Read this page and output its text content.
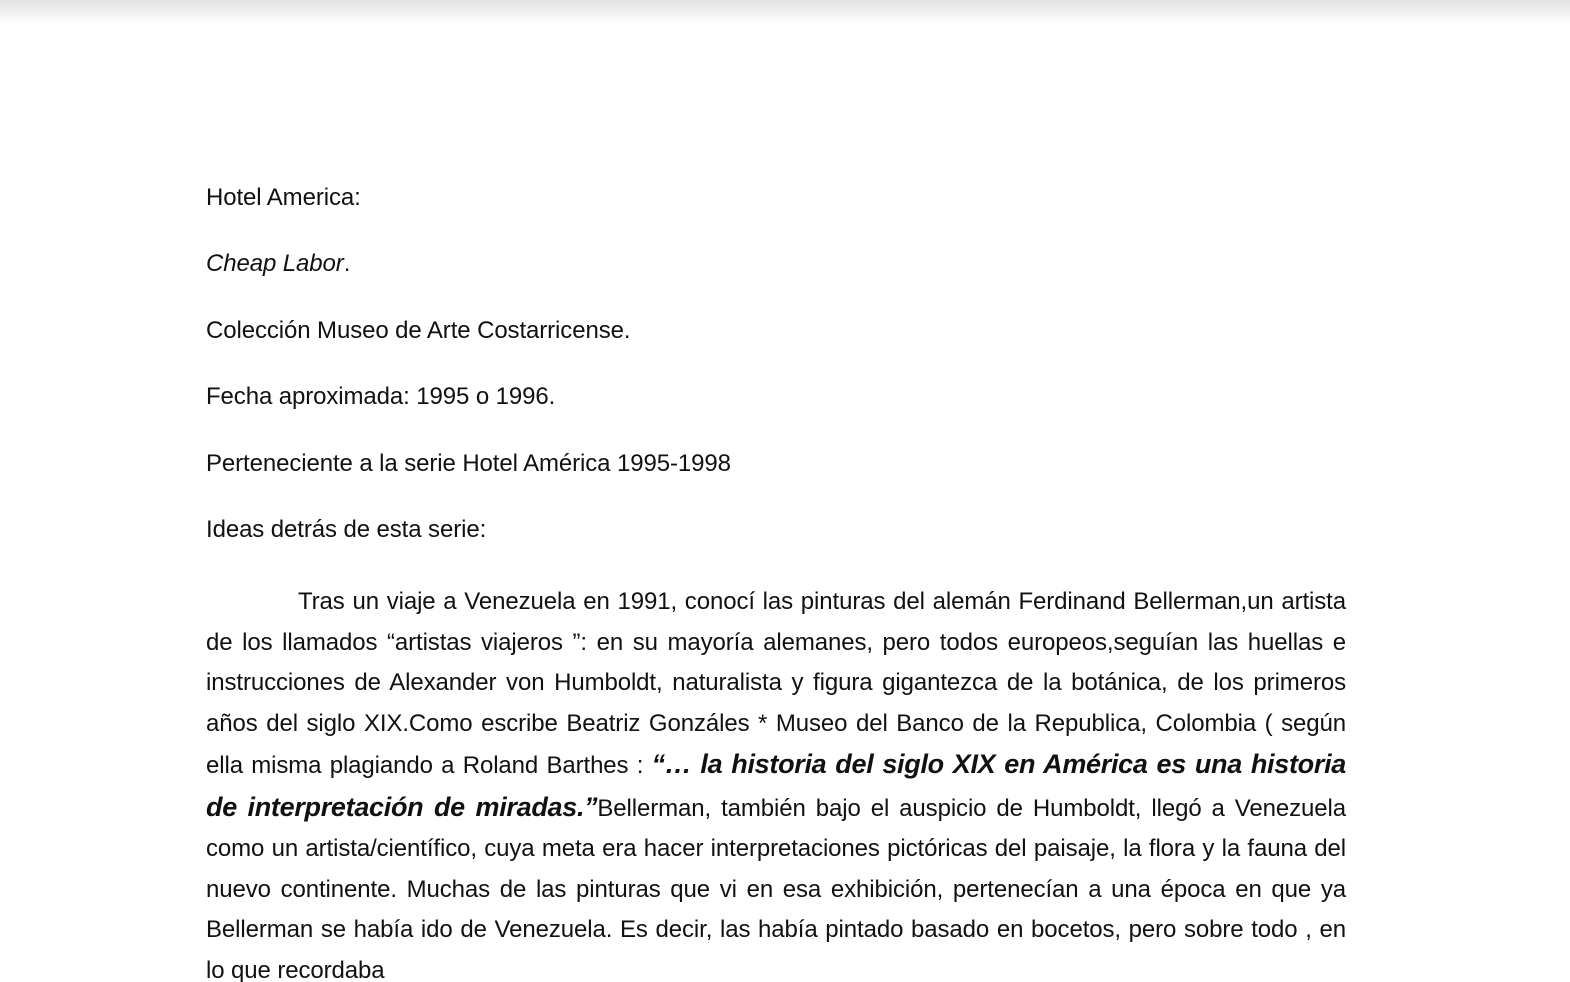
Hotel America:
Cheap Labor.
Colección Museo de Arte Costarricense.
Fecha aproximada: 1995 o 1996.
Perteneciente a la serie Hotel América 1995-1998
Ideas detrás de esta serie:
Tras un viaje a Venezuela en 1991, conocí las pinturas del alemán Ferdinand Bellerman,un artista de los llamados “artistas viajeros ”: en su mayoría alemanes, pero todos europeos,seguían las huellas e instrucciones de Alexander von Humboldt, naturalista y figura gigantezca de la botánica, de los primeros años del siglo XIX.Como escribe Beatriz Gonzáles * Museo del Banco de la Republica, Colombia ( según ella misma plagiando a Roland Barthes : “… la historia del siglo XIX en América es una historia de interpretación de miradas.”Bellerman, también bajo el auspicio de Humboldt, llegó a Venezuela como un artista/científico, cuya meta era hacer interpretaciones pictóricas del paisaje, la flora y la fauna del nuevo continente. Muchas de las pinturas que vi en esa exhibición, pertenecían a una época en que ya Bellerman se había ido de Venezuela. Es decir, las había pintado basado en bocetos, pero sobre todo , en lo que recordaba
